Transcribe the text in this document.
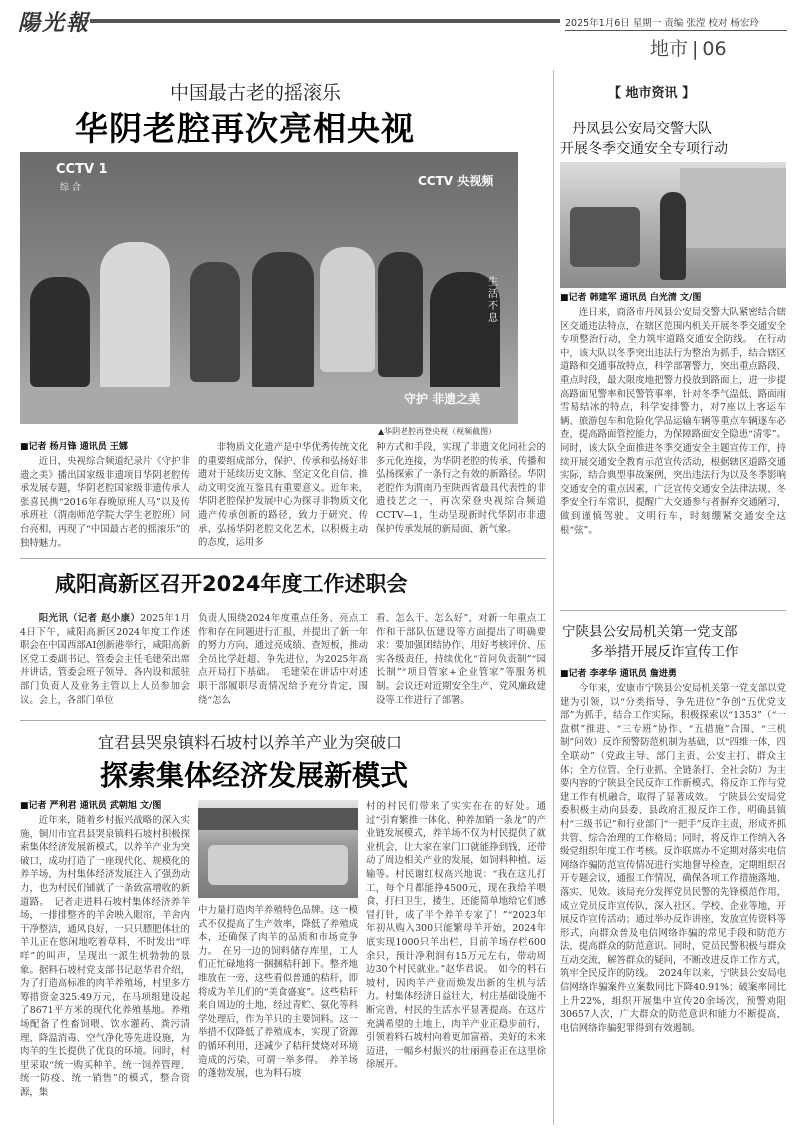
陽光報	2025年1月6日 星期一 责编 张滢 校对 杨宏玲
地市 | 06
中国最古老的摇滚乐
华阴老腔再次亮相央视
CCTV 1
综 合	CCTV 央视频
生 活 不 息
守护 非遗之美
▲华阴老腔再登央视（视频截图）
■记者 杨月锋 通讯员 王娜

近日，央视综合频道纪录片《守护非遗之美》播出国家级非遗项目华阴老腔传承发展专题，华阴老腔国家级非遗传承人张喜民携“2016年春晚原班人马”以及传承班社（渭南师范学院大学生老腔班）同台亮相，再现了“中国最古老的摇滚乐”的独特魅力。

非物质文化遗产是中华优秀传统文化的重要组成部分，保护、传承和弘扬好非遗对于延续历史文脉、坚定文化自信、推动文明交流互鉴具有重要意义。近年来，华阴老腔保护发展中心为探寻非物质文化遗产传承创新的路径，致力于研究、传承、弘扬华阴老腔文化艺术，以积极主动的态度，运用多

种方式和手段，实现了非遗文化同社会的多元化连接，为华阴老腔的传承、传播和弘扬探索了一条行之有效的新路径。华阴老腔作为渭南乃至陕西省最具代表性的非遗技艺之一，再次荣登央视综合频道CCTV—1，生动呈现新时代华阴市非遗保护传承发展的新局面、新气象。

咸阳高新区召开2024年度工作述职会

阳光讯（记者 赵小康）2025年1月4日下午，咸阳高新区2024年度工作述职会在中国西部AI创新港举行，咸阳高新区党工委副书记、管委会主任毛建荣出席并讲话，管委会班子领导、各内设和派驻部门负责人及业务主管以上人员参加会议。会上，各部门单位

负责人围绕2024年度重点任务、亮点工作和存在问题进行汇报，并提出了新一年的努力方向，通过亮成绩、查短板，推动全员比学赶超、争先进位，为2025年高点开局打下基础。　毛建荣在讲话中对述职干部履职尽责情况给予充分肯定，围绕“怎么

看、怎么干、怎么好”，对新一年重点工作和干部队伍建设等方面提出了明确要求：要加强团结协作、用好考核评价、压实各级责任，持续优化“首问负责制”“园长制”“项目管家+企业管家”等服务机制。会议还对近期安全生产、党风廉政建设等工作进行了部署。

宜君县哭泉镇料石坡村以养羊产业为突破口
探索集体经济发展新模式
■记者 严利君 通讯员 武朝旭 文/图

近年来，随着乡村振兴战略的深入实施，铜川市宜君县哭泉镇料石坡村积极探索集体经济发展新模式，以养羊产业为突破口，成功打造了一座现代化、规模化的养羊场，为村集体经济发展注入了强劲动力，也为村民们铺就了一条致富增收的新道路。　记者走进料石坡村集体经济养羊场，一排排整齐的羊舍映入眼帘，羊舍内干净整洁，通风良好，一只只膘肥体壮的羊儿正在悠闲地吃着草料，不时发出“咩咩”的叫声，呈现出一派生机勃勃的景象。据料石坡村党支部书记赵华君介绍，为了打造高标准的肉羊养殖场，村里多方筹措资金325.49万元，在马项组建设起了8671平方米的现代化养殖基地。养殖场配备了性畜饲喂、饮水灌药、粪污清理、降温消毒、空气净化等先进设施，为肉羊的生长提供了优良的环境。同时，村里采取“统一购买种羊、统一饲养管理、统一防疫、统一销售”的模式，整合资源，集

中力量打造肉羊养殖特色品牌。这一模式不仅提高了生产效率，降低了养殖成本，还确保了肉羊的品质和市场竞争力。　在另一边的饲料储存库里，工人们正忙碌地将一捆捆秸秆卸下。整齐地堆放在一旁，这些看似普通的秸秆，即将成为羊儿们的“美食盛宴”。这些秸秆来自周边的土地，经过青贮、氨化等科学处理后，作为羊只的主要饲料。这一举措不仅降低了养殖成本，实现了资源的循环利用，还减少了秸秆焚烧对环境造成的污染，可谓一举多得。　养羊场的蓬勃发展，也为料石坡

村的村民们带来了实实在在的好处。通过“引育繁推一体化、种养加销一条龙”的产业链发展模式，养羊场不仅为村民提供了就业机会，让大家在家门口就能挣到钱，还带动了周边相关产业的发展，如饲料种植、运输等。村民谢红权高兴地说：“我在这儿打工，每个月都能挣4500元，现在我给羊喂食，打扫卫生，搂生，还能简单地给它们感冒打针，成了半个养羊专家了！”“2023年年初从购入300只能繁母羊开始，2024年底实现1000只羊出栏，目前羊场存栏600余只，预计净利润有15万元左右，带动周边30个村民就业。”赵华君说。　如今的料石坡村，因肉羊产业而焕发出新的生机与活力。村集体经济日益壮大，村庄基础设施不断完善，村民的生活水平显著提高。在这片充满希望的土地上，肉羊产业正稳步前行，引领着料石坡村向着更加富裕、美好的未来迈进，一幅乡村振兴的壮丽画卷正在这里徐徐展开。

【 地市资讯 】
丹凤县公安局交警大队
开展冬季交通安全专项行动
■记者 韩建军 通讯员 白光清 文/图

连日来，商洛市丹凤县公安局交警大队紧密结合辖区交通违法特点，在辖区范围内机关开展冬季交通安全专项整治行动，全力筑牢道路交通安全防线。　在行动中，该大队以冬季突出违法行为整治为抓手，结合辖区道路和交通事故特点，科学部署警力，突出重点路段、重点时段，最大限度地把警力投放到路面上，进一步提高路面见警率和民警管事率，针对冬季气温低、路面雨雪易结冰的特点，科学安排警力，对7座以上客运车辆、旅游包车和危险化学品运输车辆等重点车辆逐车必查，提高路面管控能力，为保障路面安全隐患“清零”。同时，该大队全面推进冬季交通安全主题宣传工作，持续开展交通安全教育示范宣传活动，根据辖区道路交通实际，结合典型事故案例，突出违法行为以及冬季影响交通安全的重点因素，广泛宣传交通安全法律法规、冬季安全行车常识，提醒广大交通参与者摒弃交通陋习，做到谨慎驾驶、文明行车，时刻绷紧交通安全这根“弦”。

宁陕县公安局机关第一党支部
多举措开展反诈宣传工作
■记者 李孝华 通讯员 詹进勇

今年来，安康市宁陕县公安局机关第一党支部以党建为引领，以“分类指导、争先进位”争创“五优党支部”为抓手，结合工作实际，积极探索以“1353”（“一盘棋”推进、“三专班”协作、“五措施”合围、“三机制”问效）反诈预警防范机制为基础，以“四维一体，四全联动”（党政主导、部门主责、公安主打、群众主体；全方位管、全行业抓、全链条打、全社会防）为主要内容的宁陕县全民反诈工作新模式，将反诈工作与党建工作有机融合，取得了显著成效。　宁陕县公安局党委积极主动向县委、县政府汇报反诈工作，明确县镇村“三级书记”和行业部门“一把手”反诈主责，形成齐抓共管、综合治理的工作格局；同时，将反诈工作纳入各级党组织年度工作考核。反诈联席办不定期对落实电信网络诈骗防范宣传情况进行实地督导检查，定期组织召开专题会议，通报工作情况，确保各项工作措施落地、落实、见效。该局充分发挥党员民警的先锋模范作用，成立党员反诈宣传队，深入社区、学校、企业等地，开展反诈宣传活动；通过举办反诈讲座，发放宣传资料等形式，向群众普及电信网络诈骗的常见手段和防范方法，提高群众的防范意识。同时，党员民警积极与群众互动交流，解答群众的疑问，不断改进反诈工作方式，筑牢全民反诈的防线。　2024年以来，宁陕县公安局电信网络诈骗案件立案数同比下降40.91%；破案率同比上升22%，组织开展集中宣传20余场次，预警劝阻30657人次，广大群众的防范意识和能力不断提高，电信网络诈骗犯罪得到有效遏制。
